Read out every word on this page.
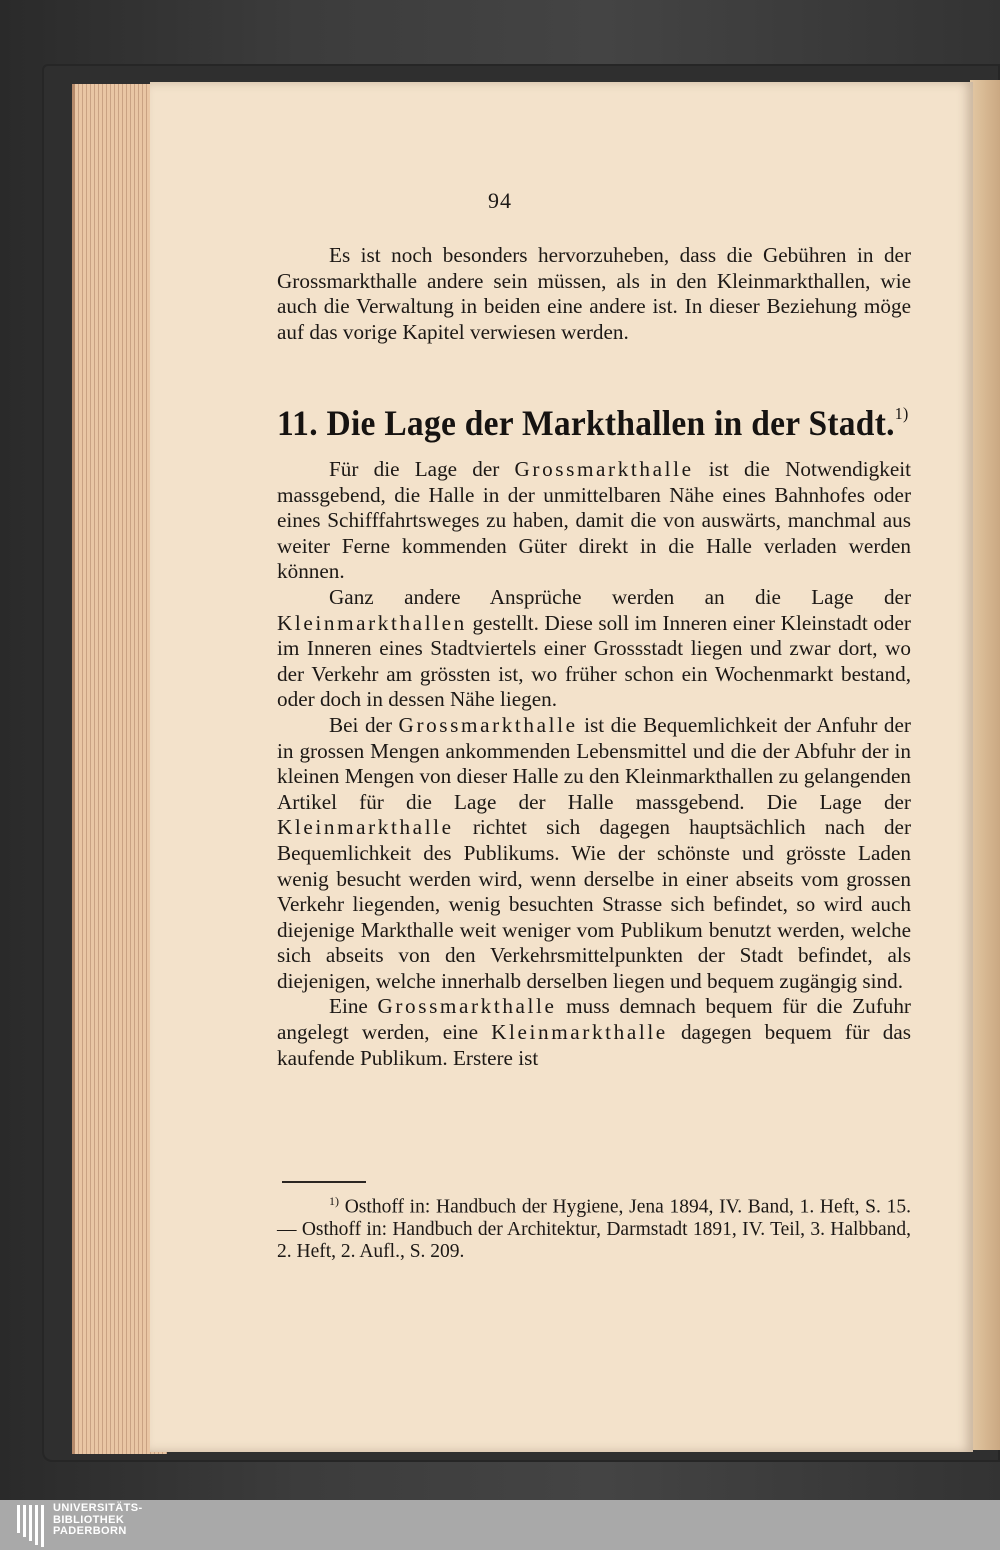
94

Es ist noch besonders hervorzuheben, dass die Gebühren in der Grossmarkthalle andere sein müssen, als in den Kleinmarkthallen, wie auch die Verwaltung in beiden eine andere ist. In dieser Beziehung möge auf das vorige Kapitel verwiesen werden.

11. Die Lage der Markthallen in der Stadt.$^{1)}$

Für die Lage der Grossmarkthalle ist die Notwendigkeit massgebend, die Halle in der unmittelbaren Nähe eines Bahnhofes oder eines Schifffahrtsweges zu haben, damit die von auswärts, manchmal aus weiter Ferne kommenden Güter direkt in die Halle verladen werden können.

Ganz andere Ansprüche werden an die Lage der Kleinmarkthallen gestellt. Diese soll im Inneren einer Kleinstadt oder im Inneren eines Stadtviertels einer Grossstadt liegen und zwar dort, wo der Verkehr am grössten ist, wo früher schon ein Wochenmarkt bestand, oder doch in dessen Nähe liegen.

Bei der Grossmarkthalle ist die Bequemlichkeit der Anfuhr der in grossen Mengen ankommenden Lebensmittel und die der Abfuhr der in kleinen Mengen von dieser Halle zu den Kleinmarkthallen zu gelangenden Artikel für die Lage der Halle massgebend. Die Lage der Kleinmarkthalle richtet sich dagegen hauptsächlich nach der Bequemlichkeit des Publikums. Wie der schönste und grösste Laden wenig besucht werden wird, wenn derselbe in einer abseits vom grossen Verkehr liegenden, wenig besuchten Strasse sich befindet, so wird auch diejenige Markthalle weit weniger vom Publikum benutzt werden, welche sich abseits von den Verkehrsmittelpunkten der Stadt befindet, als diejenigen, welche innerhalb derselben liegen und bequem zugängig sind.

Eine Grossmarkthalle muss demnach bequem für die Zufuhr angelegt werden, eine Kleinmarkthalle dagegen bequem für das kaufende Publikum. Erstere ist

$^{1)}$ Osthoff in: Handbuch der Hygiene, Jena 1894, IV. Band, 1. Heft, S. 15. — Osthoff in: Handbuch der Architektur, Darmstadt 1891, IV. Teil, 3. Halbband, 2. Heft, 2. Aufl., S. 209.

UNIVERSITÄTS-
BIBLIOTHEK
PADERBORN
